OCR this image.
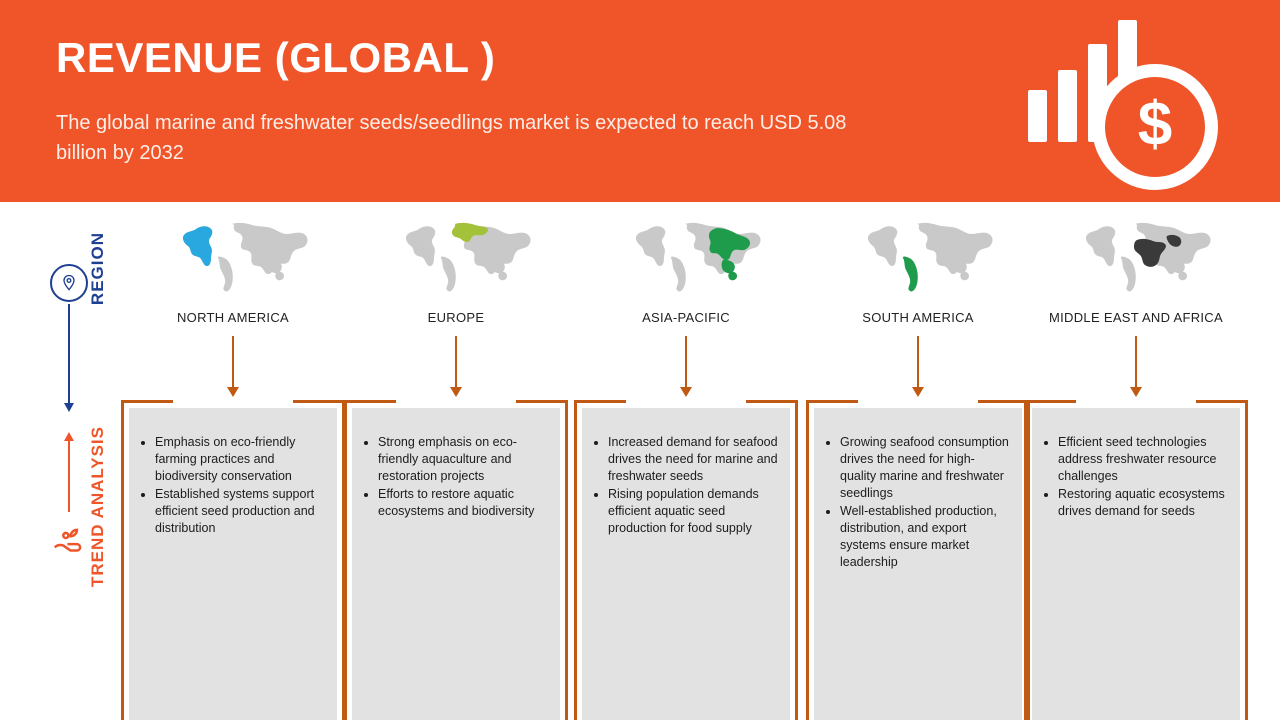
REVENUE (GLOBAL )
The global marine and freshwater seeds/seedlings market is expected to reach USD 5.08 billion by 2032	$
REGION
TREND ANALYSIS
NORTH AMERICA
• Emphasis on eco-friendly farming practices and biodiversity conservation
• Established systems support efficient seed production and distribution
EUROPE
• Strong emphasis on eco-friendly aquaculture and restoration projects
• Efforts to restore aquatic ecosystems and biodiversity
ASIA-PACIFIC
• Increased demand for seafood drives the need for marine and freshwater seeds
• Rising population demands efficient aquatic seed production for food supply
SOUTH AMERICA
• Growing seafood consumption drives the need for high-quality marine and freshwater seedlings
• Well-established production, distribution, and export systems ensure market leadership
MIDDLE EAST AND AFRICA
• Efficient seed technologies address freshwater resource challenges
• Restoring aquatic ecosystems drives demand for seeds
